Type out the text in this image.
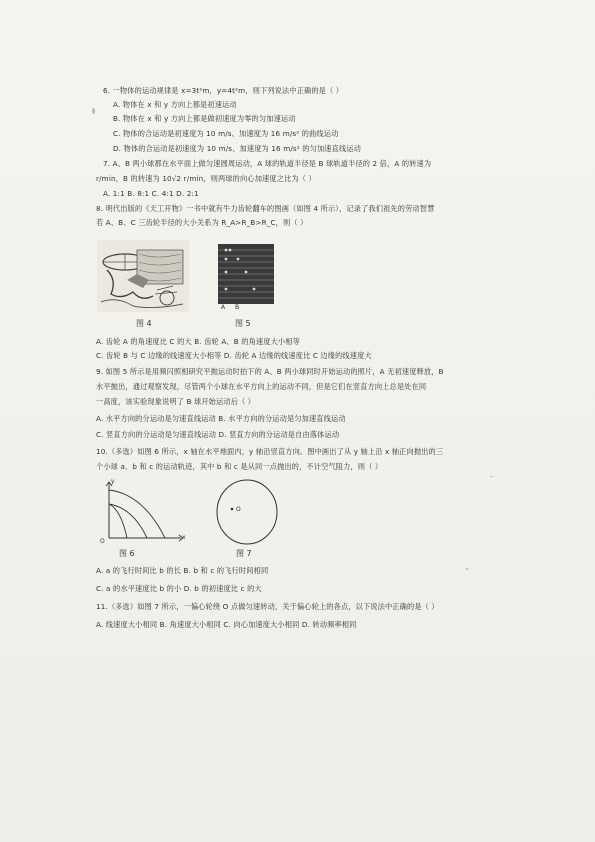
6. 一物体的运动规律是 x=3t²m，y=4t²m，则下列说法中正确的是（ ）
A. 物体在 x 和 y 方向上都是初速运动
B. 物体在 x 和 y 方向上都是做初速度为零的匀加速运动
C. 物体的合运动是初速度为 10 m/s、加速度为 16 m/s² 的曲线运动
D. 物体的合运动是初速度为 10 m/s、加速度为 16 m/s² 的匀加速直线运动
7. A、B 两小球都在水平面上做匀速圆周运动，A 球的轨道半径是 B 球轨道半径的 2 倍，A 的转速为
r/min，B 的转速为 10√2 r/min，则两球的向心加速度之比为（ ）
A. 1:1 B. 8:1 C. 4:1 D. 2:1
8. 明代出版的《天工开物》一书中就有牛力齿轮翻车的图画（如图 4 所示），记录了我们祖先的劳动智慧
若 A、B、C 三齿轮半径的大小关系为 R_A>R_B>R_C，则（ ）
图 4
A B
图 5
A. 齿轮 A 的角速度比 C 的大 B. 齿轮 A、B 的角速度大小相等
C. 齿轮 B 与 C 边缘的线速度大小相等 D. 齿轮 A 边缘的线速度比 C 边缘的线速度大
9. 如图 5 所示是用频闪照相研究平抛运动时拍下的 A、B 两小球同时开始运动的照片，A 无初速度释放，B
水平抛出，通过观察发现，尽管两个小球在水平方向上的运动不同，但是它们在竖直方向上总是处在同
一高度，该实验现象说明了 B 球开始运动后（ ）
A. 水平方向的分运动是匀速直线运动 B. 水平方向的分运动是匀加速直线运动
C. 竖直方向的分运动是匀速直线运动 D. 竖直方向的分运动是自由落体运动
10.（多选）如图 6 所示，x 轴在水平地面内，y 轴沿竖直方向。图中画出了从 y 轴上沿 x 轴正向抛出的三
个小球 a、b 和 c 的运动轨迹，其中 b 和 c 是从同一点抛出的，不计空气阻力，则（ ）
y
x
O
图 6
O
图 7
A. a 的飞行时间比 b 的长 B. b 和 c 的飞行时间相同
C. a 的水平速度比 b 的小 D. b 的初速度比 c 的大
11.（多选）如图 7 所示，一偏心轮绕 O 点做匀速转动，关于偏心轮上的各点，以下说法中正确的是（ ）
A. 线速度大小相同 B. 角速度大小相同 C. 向心加速度大小相同 D. 转动频率相同
